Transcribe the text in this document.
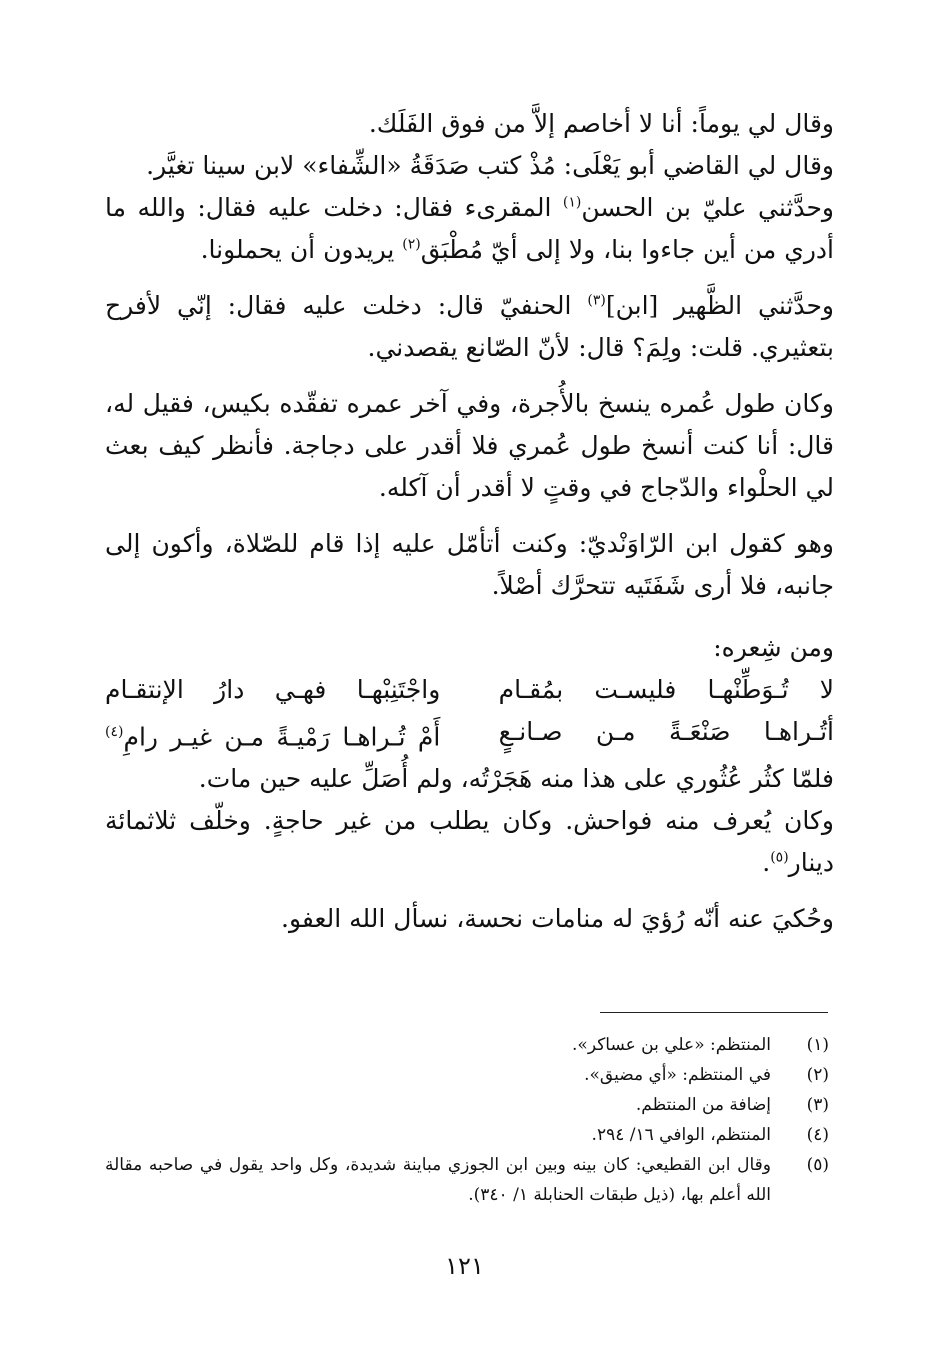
وقال لي يوماً: أنا لا أخاصم إلاَّ من فوق الفَلَك.

وقال لي القاضي أبو يَعْلَى: مُذْ كتب صَدَقَةُ «الشِّفاء» لابن سينا تغيَّر.

وحدَّثني عليّ بن الحسن$^{(١)}$ المقرىء فقال: دخلت عليه فقال: والله ما أدري من أين جاءوا بنا، ولا إلى أيّ مُطْبَق$^{(٢)}$ يريدون أن يحملونا.

وحدَّثني الظَّهير [ابن]$^{(٣)}$ الحنفيّ قال: دخلت عليه فقال: إنّي لأفرح بتعثيري. قلت: ولِمَ؟ قال: لأنّ الصّانع يقصدني.

وكان طول عُمره ينسخ بالأُجرة، وفي آخر عمره تفقّده بكيس، فقيل له، قال: أنا كنت أنسخ طول عُمري فلا أقدر على دجاجة. فأنظر كيف بعث لي الحلْواء والدّجاج في وقتٍ لا أقدر أن آكله.

وهو كقول ابن الرّاوَنْديّ: وكنت أتأمّل عليه إذا قام للصّلاة، وأكون إلى جانبه، فلا أرى شَفَتَيه تتحرَّك أصْلاً.

ومن شِعره:
لا تُـوَطِّنْهـا فليسـت بمُقـام
واجْتَنِبْهـا فهـي دارُ الإنتقـام
أتُـراهـا صَنْعَـةً مـن صـانـعٍ
أَمْ تُـراهـا رَمْيـةً مـن غيـر رامِ$^{(٤)}$

فلمّا كثُر عُثُوري على هذا منه هَجَرْتُه، ولم أُصَلِّ عليه حين مات.

وكان يُعرف منه فواحش. وكان يطلب من غير حاجةٍ. وخلّف ثلاثمائة دينار$^{(٥)}$.

وحُكيَ عنه أنّه رُؤيَ له منامات نحسة، نسأل الله العفو.

(١)
المنتظم: «علي بن عساكر».
(٢)
في المنتظم: «أي مضيق».
(٣)
إضافة من المنتظم.
(٤)
المنتظم، الوافي ١٦/ ٢٩٤.
(٥)
وقال ابن القطيعي: كان بينه وبين ابن الجوزي مباينة شديدة، وكل واحد يقول في صاحبه مقالة الله أعلم بها، (ذيل طبقات الحنابلة ١/ ٣٤٠).
١٢١
